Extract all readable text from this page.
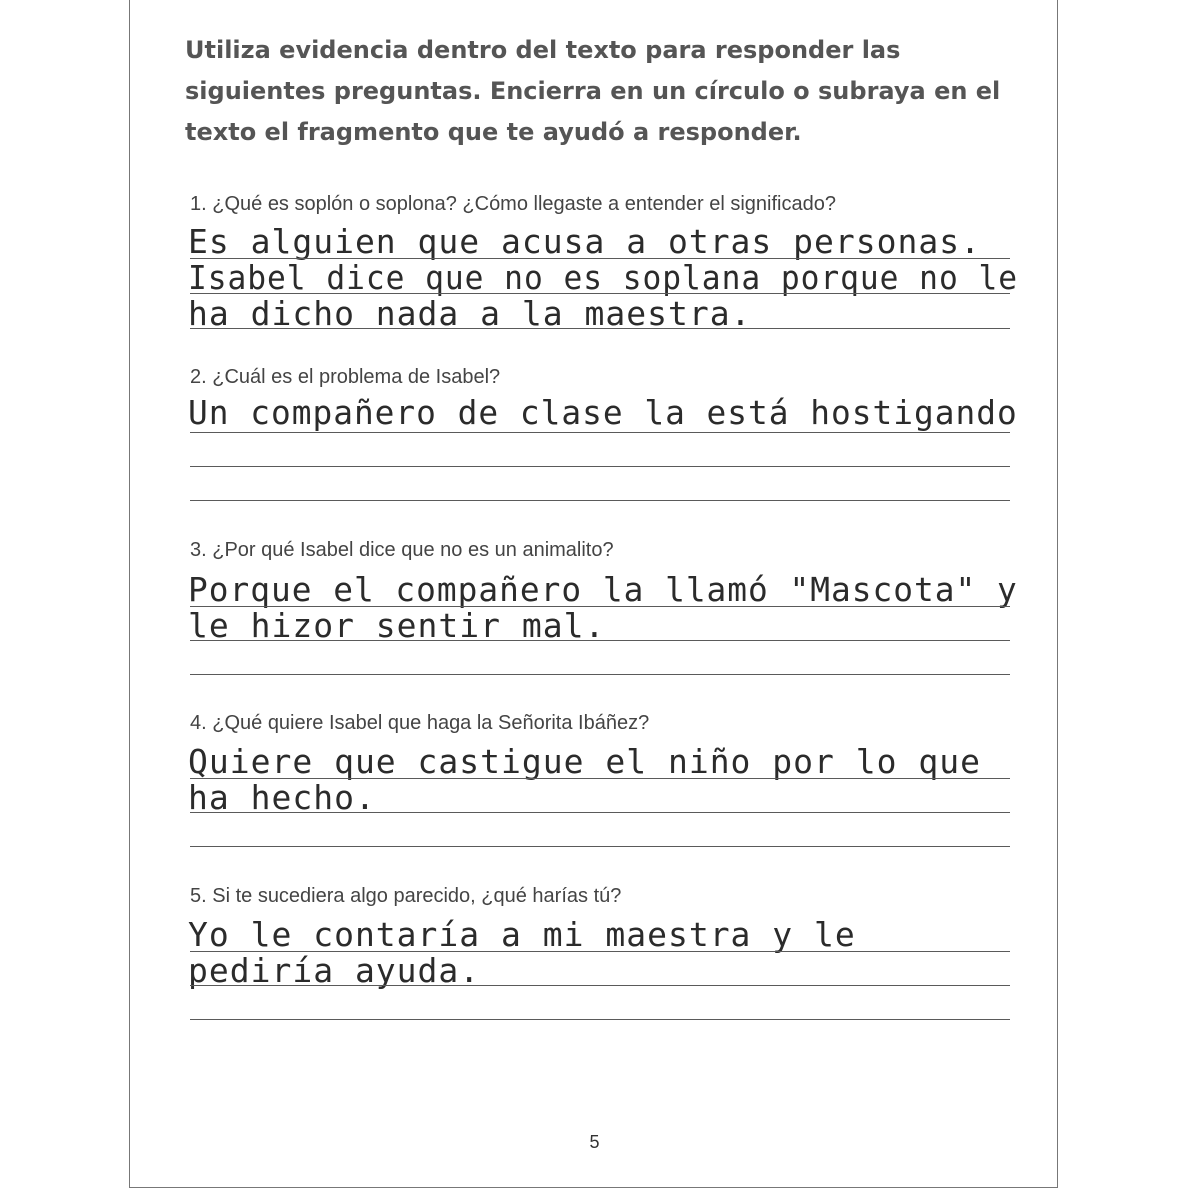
Utiliza evidencia dentro del texto para responder las siguientes preguntas. Encierra en un círculo o subraya en el texto el fragmento que te ayudó a responder.
1. ¿Qué es soplón o soplona? ¿Cómo llegaste a entender el significado?
Es alguien que acusa a otras personas.
Isabel dice que no es soplana porque no le
ha dicho nada a la maestra.
2. ¿Cuál es el problema de Isabel?
Un compañero de clase la está hostigando
3. ¿Por qué Isabel dice que no es un animalito?
Porque el compañero la llamó "Mascota" y
le hizor sentir mal.
4. ¿Qué quiere Isabel que haga la Señorita Ibáñez?
Quiere que castigue el niño por lo que
ha hecho.
5. Si te sucediera algo parecido, ¿qué harías tú?
Yo le contaría a mi maestra y le
pediría ayuda.
5
